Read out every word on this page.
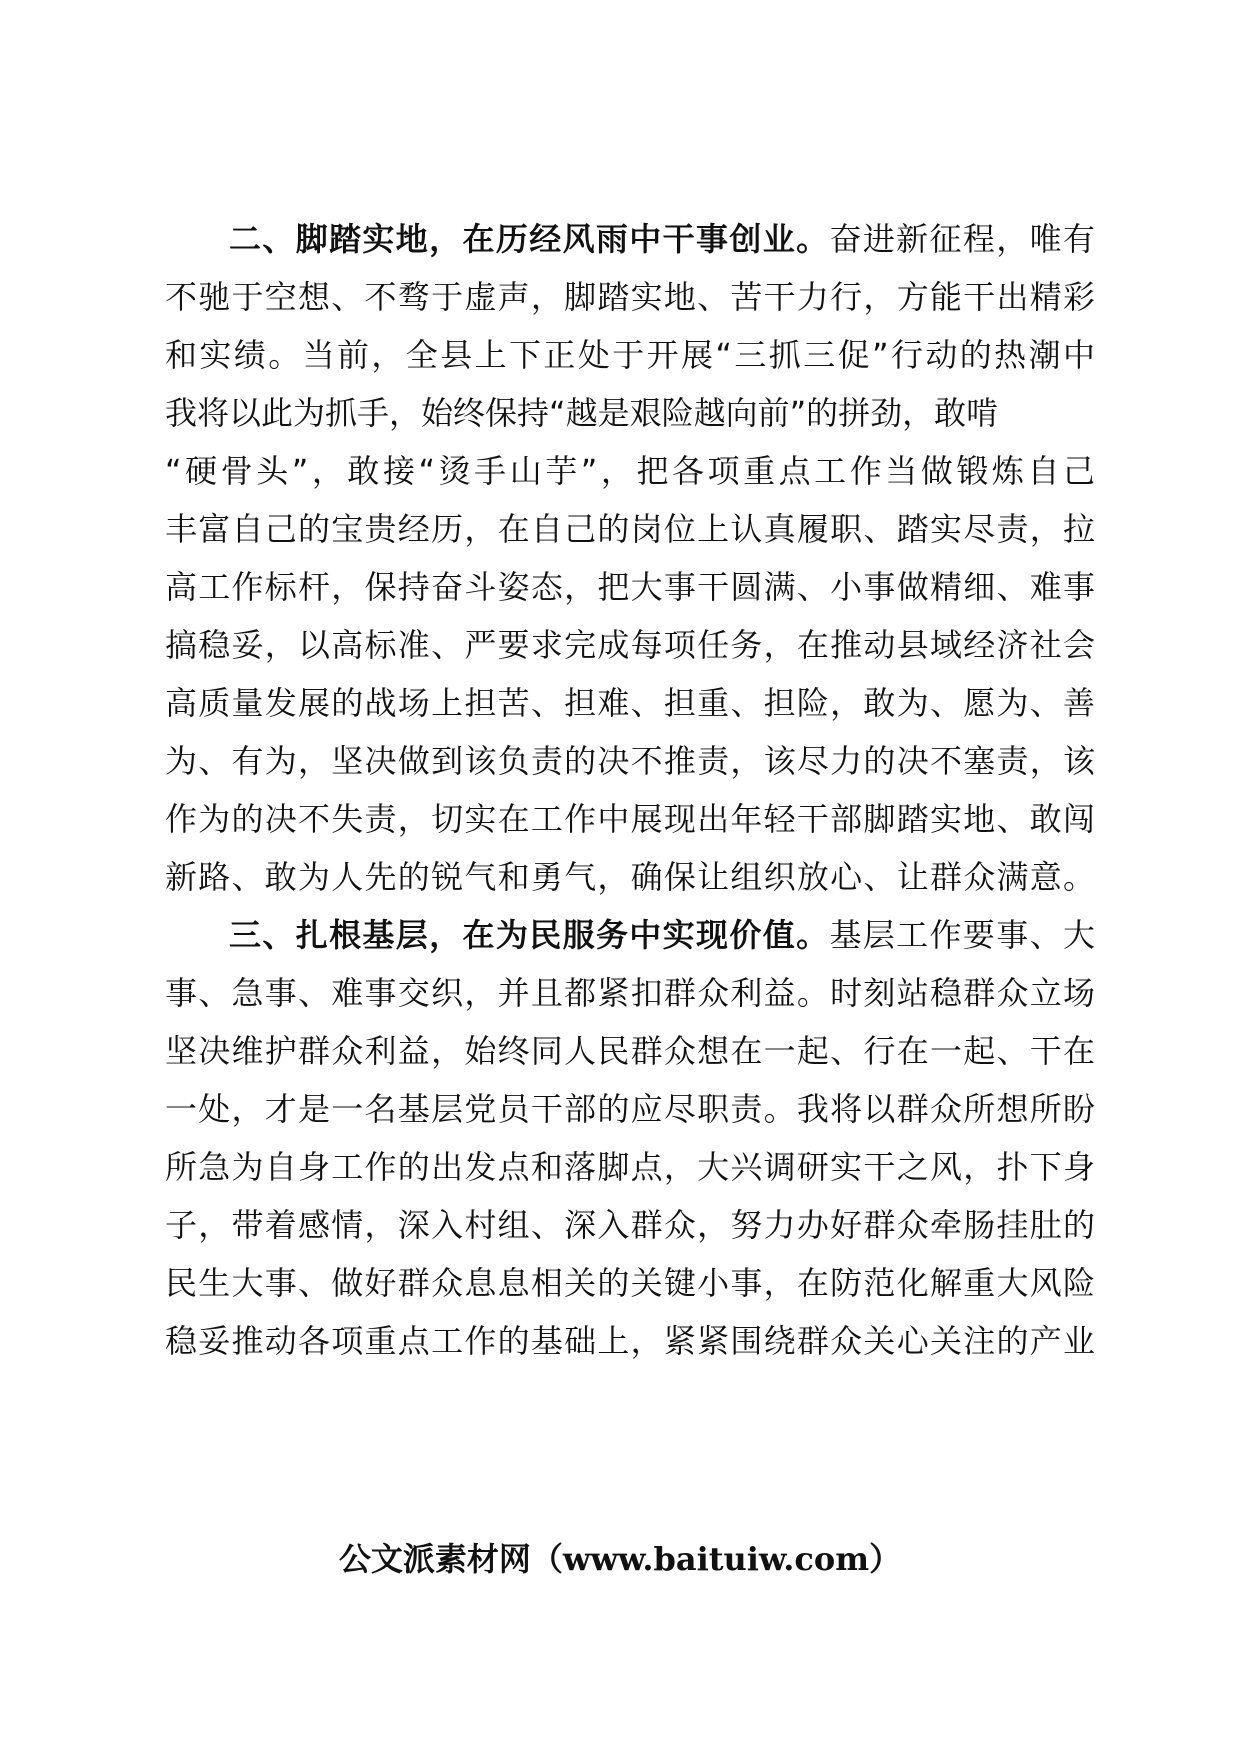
二、脚踏实地，在历经风雨中干事创业。奋进新征程，唯有
不驰于空想、不骛于虚声，脚踏实地、苦干力行，方能干出精彩
和实绩。当前，全县上下正处于开展“三抓三促”行动的热潮中
我将以此为抓手，始终保持“越是艰险越向前”的拼劲，敢啃
“硬骨头”，敢接“烫手山芋”，把各项重点工作当做锻炼自己
丰富自己的宝贵经历，在自己的岗位上认真履职、踏实尽责，拉
高工作标杆，保持奋斗姿态，把大事干圆满、小事做精细、难事
搞稳妥，以高标准、严要求完成每项任务，在推动县域经济社会
高质量发展的战场上担苦、担难、担重、担险，敢为、愿为、善
为、有为，坚决做到该负责的决不推责，该尽力的决不塞责，该
作为的决不失责，切实在工作中展现出年轻干部脚踏实地、敢闯
新路、敢为人先的锐气和勇气，确保让组织放心、让群众满意。
三、扎根基层，在为民服务中实现价值。基层工作要事、大
事、急事、难事交织，并且都紧扣群众利益。时刻站稳群众立场
坚决维护群众利益，始终同人民群众想在一起、行在一起、干在
一处，才是一名基层党员干部的应尽职责。我将以群众所想所盼
所急为自身工作的出发点和落脚点，大兴调研实干之风，扑下身
子，带着感情，深入村组、深入群众，努力办好群众牵肠挂肚的
民生大事、做好群众息息相关的关键小事，在防范化解重大风险
稳妥推动各项重点工作的基础上，紧紧围绕群众关心关注的产业
公文派素材网（www.baituiw.com）
